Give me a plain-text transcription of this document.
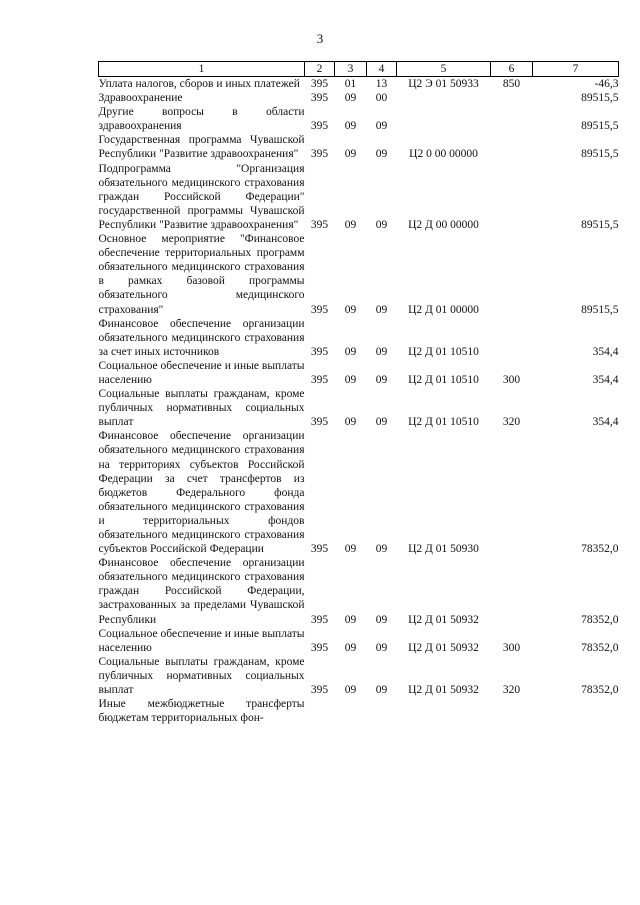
3
1	2	3	4	5	6	7
Уплата налогов, сборов и иных платежей	395	01	13	Ц2 Э 01 50933	850	-46,3
Здравоохранение	395	09	00			89515,5
Другие вопросы в области здравоохранения	395	09	09			89515,5
Государственная программа Чувашской Республики "Развитие здравоохранения"	395	09	09	Ц2 0 00 00000		89515,5
Подпрограмма "Организация обязательного медицинского страхования граждан Российской Федерации" государственной программы Чувашской Республики "Развитие здравоохранения"	395	09	09	Ц2 Д 00 00000		89515,5
Основное мероприятие "Финансовое обеспечение территориальных программ обязательного медицинского страхования в рамках базовой программы обязательного медицинского страхования"	395	09	09	Ц2 Д 01 00000		89515,5
Финансовое обеспечение организации обязательного медицинского страхования за счет иных источников	395	09	09	Ц2 Д 01 10510		354,4
Социальное обеспечение и иные выплаты населению	395	09	09	Ц2 Д 01 10510	300	354,4
Социальные выплаты гражданам, кроме публичных нормативных социальных выплат	395	09	09	Ц2 Д 01 10510	320	354,4
Финансовое обеспечение организации обязательного медицинского страхования на территориях субъектов Российской Федерации за счет трансфертов из бюджетов Федерального фонда обязательного медицинского страхования и территориальных фондов обязательного медицинского страхования субъектов Российской Федерации	395	09	09	Ц2 Д 01 50930		78352,0
Финансовое обеспечение организации обязательного медицинского страхования граждан Российской Федерации, застрахованных за пределами Чувашской Республики	395	09	09	Ц2 Д 01 50932		78352,0
Социальное обеспечение и иные выплаты населению	395	09	09	Ц2 Д 01 50932	300	78352,0
Социальные выплаты гражданам, кроме публичных нормативных социальных выплат	395	09	09	Ц2 Д 01 50932	320	78352,0
Иные межбюджетные трансферты бюджетам территориальных фон-						
